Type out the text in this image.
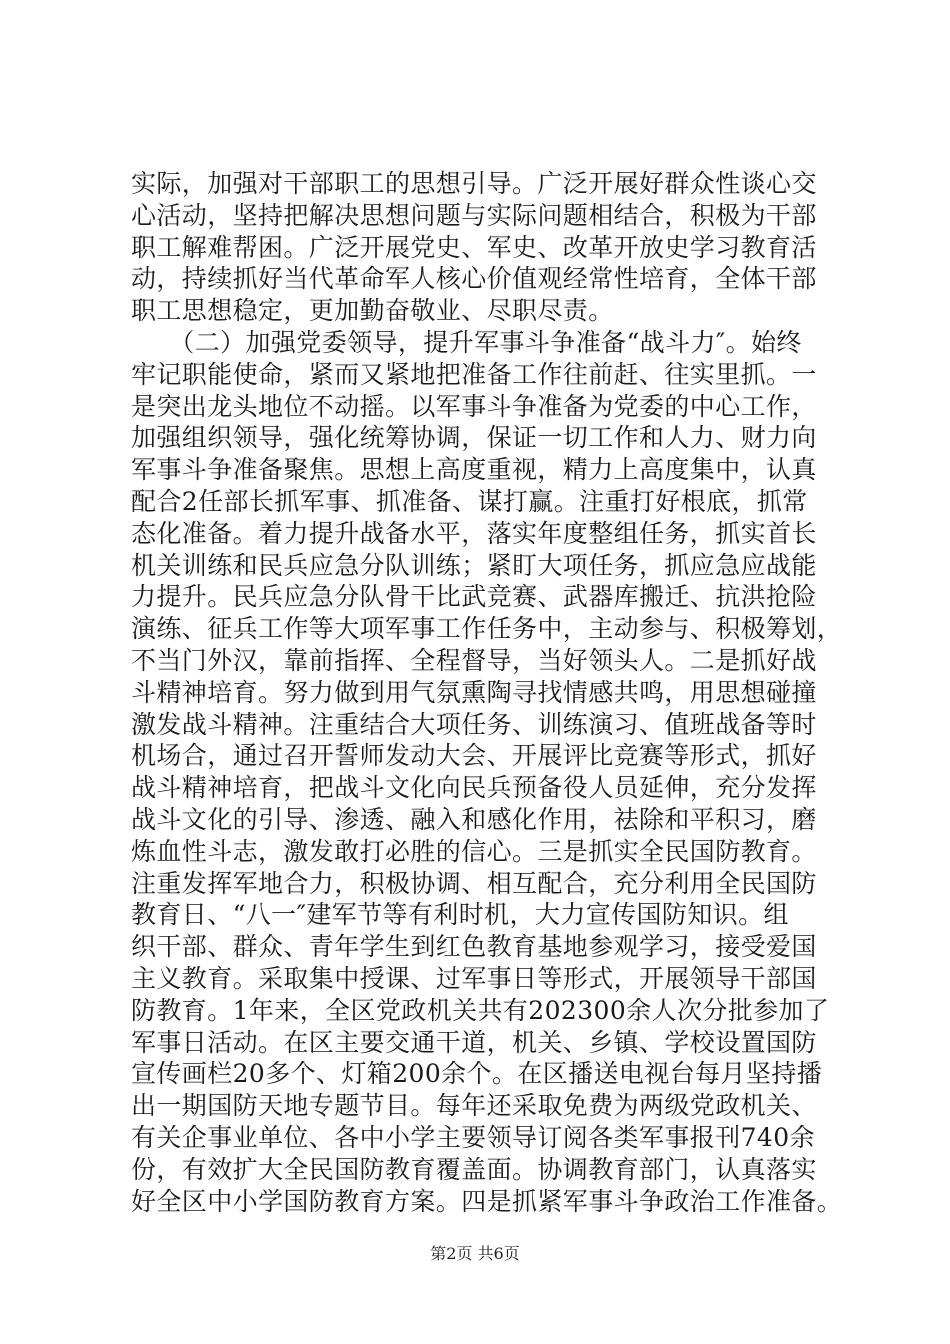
实际，加强对干部职工的思想引导。广泛开展好群众性谈心交
心活动，坚持把解决思想问题与实际问题相结合，积极为干部
职工解难帮困。广泛开展党史、军史、改革开放史学习教育活
动，持续抓好当代革命军人核心价值观经常性培育，全体干部
职工思想稳定，更加勤奋敬业、尽职尽责。
　　（二）加强党委领导，提升军事斗争准备“战斗力″。始终
牢记职能使命，紧而又紧地把准备工作往前赶、往实里抓。一
是突出龙头地位不动摇。以军事斗争准备为党委的中心工作，
加强组织领导，强化统筹协调，保证一切工作和人力、财力向
军事斗争准备聚焦。思想上高度重视，精力上高度集中，认真
配合2任部长抓军事、抓准备、谋打赢。注重打好根底，抓常
态化准备。着力提升战备水平，落实年度整组任务，抓实首长
机关训练和民兵应急分队训练；紧盯大项任务，抓应急应战能
力提升。民兵应急分队骨干比武竞赛、武器库搬迁、抗洪抢险
演练、征兵工作等大项军事工作任务中，主动参与、积极筹划，
不当门外汉，靠前指挥、全程督导，当好领头人。二是抓好战
斗精神培育。努力做到用气氛熏陶寻找情感共鸣，用思想碰撞
激发战斗精神。注重结合大项任务、训练演习、值班战备等时
机场合，通过召开誓师发动大会、开展评比竞赛等形式，抓好
战斗精神培育，把战斗文化向民兵预备役人员延伸，充分发挥
战斗文化的引导、渗透、融入和感化作用，祛除和平积习，磨
炼血性斗志，激发敢打必胜的信心。三是抓实全民国防教育。
注重发挥军地合力，积极协调、相互配合，充分利用全民国防
教育日、“八一″建军节等有利时机，大力宣传国防知识。组
织干部、群众、青年学生到红色教育基地参观学习，接受爱国
主义教育。采取集中授课、过军事日等形式，开展领导干部国
防教育。1年来，全区党政机关共有202300余人次分批参加了
军事日活动。在区主要交通干道，机关、乡镇、学校设置国防
宣传画栏20多个、灯箱200余个。在区播送电视台每月坚持播
出一期国防天地专题节目。每年还采取免费为两级党政机关、
有关企事业单位、各中小学主要领导订阅各类军事报刊740余
份，有效扩大全民国防教育覆盖面。协调教育部门，认真落实
好全区中小学国防教育方案。四是抓紧军事斗争政治工作准备。
第2页 共6页
